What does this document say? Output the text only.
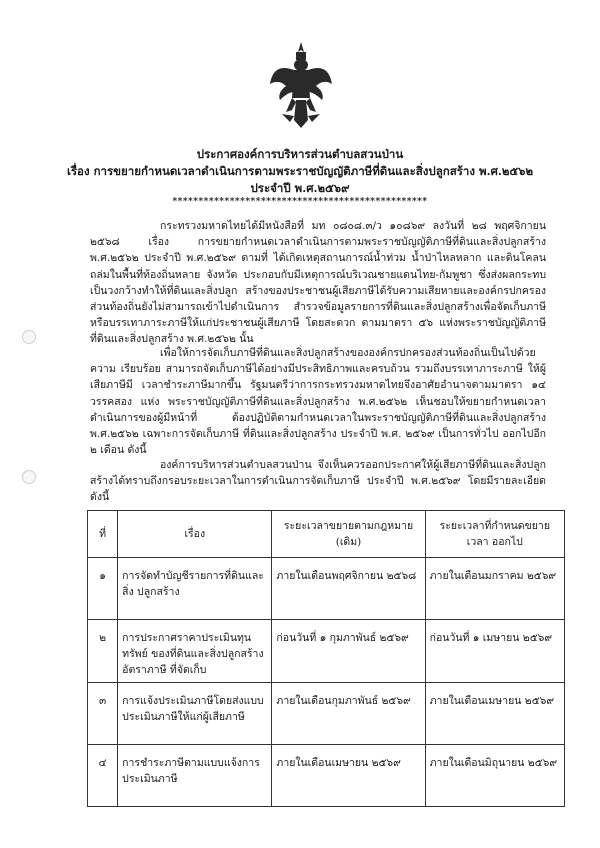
ประกาศองค์การบริหารส่วนตำบลสวนป่าน
เรื่อง การขยายกำหนดเวลาดำเนินการตามพระราชบัญญัติภาษีที่ดินและสิ่งปลูกสร้าง พ.ศ.๒๕๖๒
ประจำปี พ.ศ.๒๕๖๙
*************************************************
กระทรวงมหาดไทยได้มีหนังสือที่ มท ๐๘๐๘.๓/ว ๑๐๘๖๙ ลงวันที่ ๒๘ พฤศจิกายน ๒๕๖๘ เรื่อง การขยายกำหนดเวลาดำเนินการตามพระราชบัญญัติภาษีที่ดินและสิ่งปลูกสร้าง พ.ศ.๒๕๖๒ ประจำปี พ.ศ.๒๕๖๙ ตามที่ ได้เกิดเหตุสถานการณ์น้ำท่วม น้ำป่าไหลหลาก และดินโคลนถล่มในพื้นที่ท้องถิ่นหลาย จังหวัด ประกอบกับมีเหตุการณ์บริเวณชายแดนไทย-กัมพูชา ซึ่งส่งผลกระทบเป็นวงกว้างทำให้ที่ดินและสิ่งปลูก สร้างของประชาชนผู้เสียภาษีได้รับความเสียหายและองค์กรปกครองส่วนท้องถิ่นยังไม่สามารถเข้าไปดำเนินการ สำรวจข้อมูลรายการที่ดินและสิ่งปลูกสร้างเพื่อจัดเก็บภาษีหรือบรรเทาภาระภาษีให้แก่ประชาชนผู้เสียภาษี โดยสะดวก ตามมาตรา ๕๖ แห่งพระราชบัญญัติภาษีที่ดินและสิ่งปลูกสร้าง พ.ศ.๒๕๖๒ นั้น
เพื่อให้การจัดเก็บภาษีที่ดินและสิ่งปลูกสร้างขององค์กรปกครองส่วนท้องถิ่นเป็นไปด้วยความ เรียบร้อย สามารถจัดเก็บภาษีได้อย่างมีประสิทธิภาพและครบถ้วน รวมถึงบรรเทาภาระภาษี ให้ผู้เสียภาษีมี เวลาชำระภาษีมากขึ้น รัฐมนตรีว่าการกระทรวงมหาดไทยจึงอาศัยอำนาจตามมาตรา ๑๔ วรรคสอง แห่ง พระราชบัญญัติภาษีที่ดินและสิ่งปลูกสร้าง พ.ศ.๒๕๖๒ เห็นชอบให้ขยายกำหนดเวลาดำเนินการของผู้มีหน้าที่ ต้องปฏิบัติตามกำหนดเวลาในพระราชบัญญัติภาษีที่ดินและสิ่งปลูกสร้าง พ.ศ.๒๕๖๒ เฉพาะการจัดเก็บภาษี ที่ดินและสิ่งปลูกสร้าง ประจำปี พ.ศ. ๒๕๖๙ เป็นการทั่วไป ออกไปอีก ๒ เดือน ดังนี้
องค์การบริหารส่วนตำบลสวนป่าน จึงเห็นควรออกประกาศให้ผู้เสียภาษีที่ดินและสิ่งปลูก สร้างได้ทราบถึงกรอบระยะเวลาในการดำเนินการจัดเก็บภาษี ประจำปี พ.ศ.๒๕๖๙ โดยมีรายละเอียด ดังนี้
ที่	เรื่อง	ระยะเวลาขยายตามกฎหมาย (เดิม)	ระยะเวลาที่กำหนดขยายเวลา ออกไป
๑	การจัดทำบัญชีรายการที่ดินและสิ่ง ปลูกสร้าง	ภายในเดือนพฤศจิกายน ๒๕๖๘	ภายในเดือนมกราคม ๒๕๖๙
๒	การประกาศราคาประเมินทุนทรัพย์ ของที่ดินและสิ่งปลูกสร้าง อัตราภาษี ที่จัดเก็บ	ก่อนวันที่ ๑ กุมภาพันธ์ ๒๕๖๙	ก่อนวันที่ ๑ เมษายน ๒๕๖๙
๓	การแจ้งประเมินภาษีโดยส่งแบบ ประเมินภาษีให้แก่ผู้เสียภาษี	ภายในเดือนกุมภาพันธ์ ๒๕๖๙	ภายในเดือนเมษายน ๒๕๖๙
๔	การชำระภาษีตามแบบแจ้งการ ประเมินภาษี	ภายในเดือนเมษายน ๒๕๖๙	ภายในเดือนมิถุนายน ๒๕๖๙
